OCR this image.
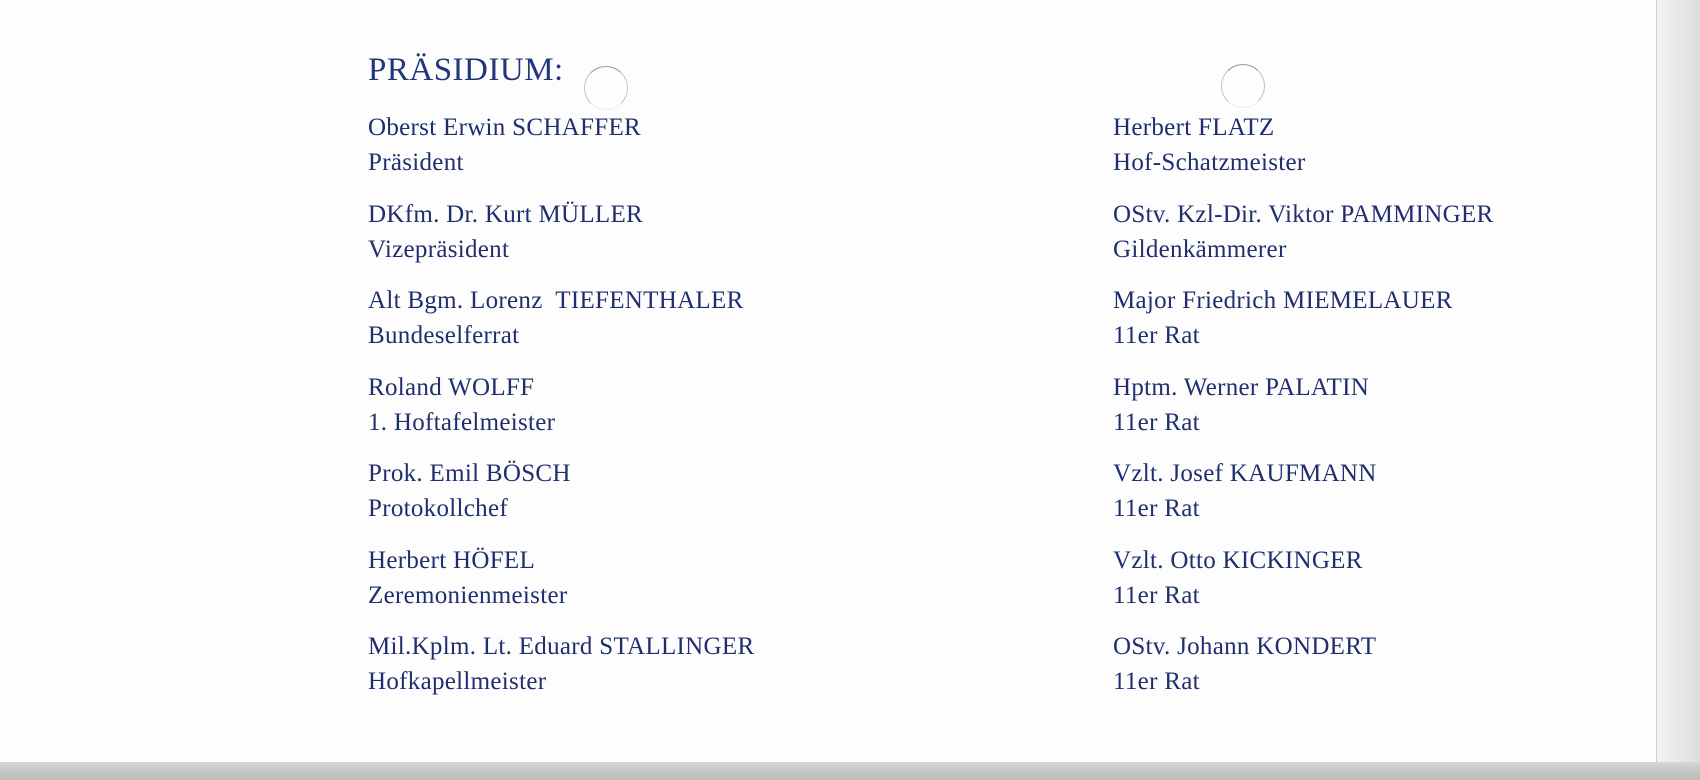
PRÄSIDIUM:
Oberst Erwin SCHAFFER
Präsident
DKfm. Dr. Kurt MÜLLER
Vizepräsident
Alt Bgm. Lorenz  TIEFENTHALER
Bundeselferrat
Roland WOLFF
1. Hoftafelmeister
Prok. Emil BÖSCH
Protokollchef
Herbert HÖFEL
Zeremonienmeister
Mil.Kplm. Lt. Eduard STALLINGER
Hofkapellmeister
Herbert FLATZ
Hof-Schatzmeister
OStv. Kzl-Dir. Viktor PAMMINGER
Gildenkämmerer
Major Friedrich MIEMELAUER
11er Rat
Hptm. Werner PALATIN
11er Rat
Vzlt. Josef KAUFMANN
11er Rat
Vzlt. Otto KICKINGER
11er Rat
OStv. Johann KONDERT
11er Rat
